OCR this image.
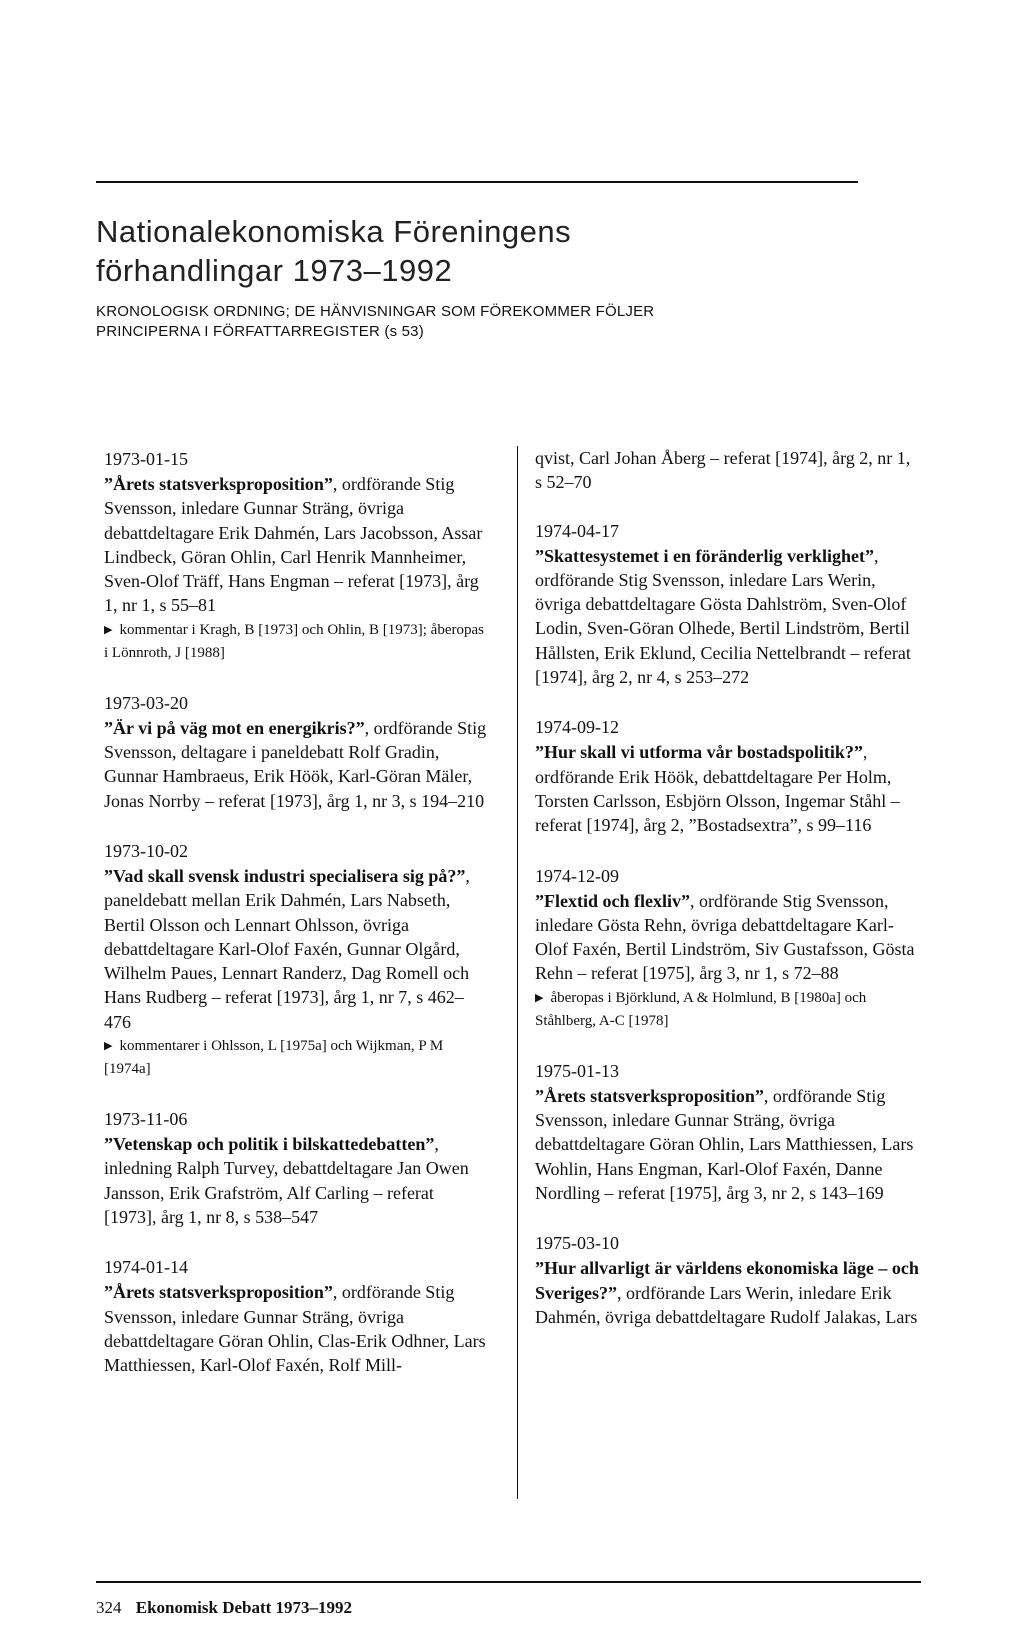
Nationalekonomiska Föreningens
förhandlingar 1973–1992
KRONOLOGISK ORDNING; DE HÄNVISNINGAR SOM FÖREKOMMER FÖLJER
PRINCIPERNA I FÖRFATTARREGISTER (s 53)
1973-01-15
”Årets statsverksproposition”, ordförande Stig Svensson, inledare Gunnar Sträng, övriga debattdeltagare Erik Dahmén, Lars Jacobsson, Assar Lindbeck, Göran Ohlin, Carl Henrik Mannheimer, Sven-Olof Träff, Hans Engman – referat [1973], årg 1, nr 1, s 55–81
▶ kommentar i Kragh, B [1973] och Ohlin, B [1973]; åberopas i Lönnroth, J [1988]
1973-03-20
”Är vi på väg mot en energikris?”, ordförande Stig Svensson, deltagare i paneldebatt Rolf Gradin, Gunnar Hambraeus, Erik Höök, Karl-Göran Mäler, Jonas Norrby – referat [1973], årg 1, nr 3, s 194–210
1973-10-02
”Vad skall svensk industri specialisera sig på?”, paneldebatt mellan Erik Dahmén, Lars Nabseth, Bertil Olsson och Lennart Ohlsson, övriga debattdeltagare Karl-Olof Faxén, Gunnar Olgård, Wilhelm Paues, Lennart Randerz, Dag Romell och Hans Rudberg – referat [1973], årg 1, nr 7, s 462–476
▶ kommentarer i Ohlsson, L [1975a] och Wijkman, P M [1974a]
1973-11-06
”Vetenskap och politik i bilskattedebatten”, inledning Ralph Turvey, debattdeltagare Jan Owen Jansson, Erik Grafström, Alf Carling – referat [1973], årg 1, nr 8, s 538–547
1974-01-14
”Årets statsverksproposition”, ordförande Stig Svensson, inledare Gunnar Sträng, övriga debattdeltagare Göran Ohlin, Clas-Erik Odhner, Lars Matthiessen, Karl-Olof Faxén, Rolf Mill-
qvist, Carl Johan Åberg – referat [1974], årg 2, nr 1, s 52–70
1974-04-17
”Skattesystemet i en föränderlig verklighet”, ordförande Stig Svensson, inledare Lars Werin, övriga debattdeltagare Gösta Dahlström, Sven-Olof Lodin, Sven-Göran Olhede, Bertil Lindström, Bertil Hållsten, Erik Eklund, Cecilia Nettelbrandt – referat [1974], årg 2, nr 4, s 253–272
1974-09-12
”Hur skall vi utforma vår bostadspolitik?”, ordförande Erik Höök, debattdeltagare Per Holm, Torsten Carlsson, Esbjörn Olsson, Ingemar Ståhl – referat [1974], årg 2, ”Bostadsextra”, s 99–116
1974-12-09
”Flextid och flexliv”, ordförande Stig Svensson, inledare Gösta Rehn, övriga debattdeltagare Karl-Olof Faxén, Bertil Lindström, Siv Gustafsson, Gösta Rehn – referat [1975], årg 3, nr 1, s 72–88
▶ åberopas i Björklund, A & Holmlund, B [1980a] och Ståhlberg, A-C [1978]
1975-01-13
”Årets statsverksproposition”, ordförande Stig Svensson, inledare Gunnar Sträng, övriga debattdeltagare Göran Ohlin, Lars Matthiessen, Lars Wohlin, Hans Engman, Karl-Olof Faxén, Danne Nordling – referat [1975], årg 3, nr 2, s 143–169
1975-03-10
”Hur allvarligt är världens ekonomiska läge – och Sveriges?”, ordförande Lars Werin, inledare Erik Dahmén, övriga debattdeltagare Rudolf Jalakas, Lars
324 Ekonomisk Debatt 1973–1992
